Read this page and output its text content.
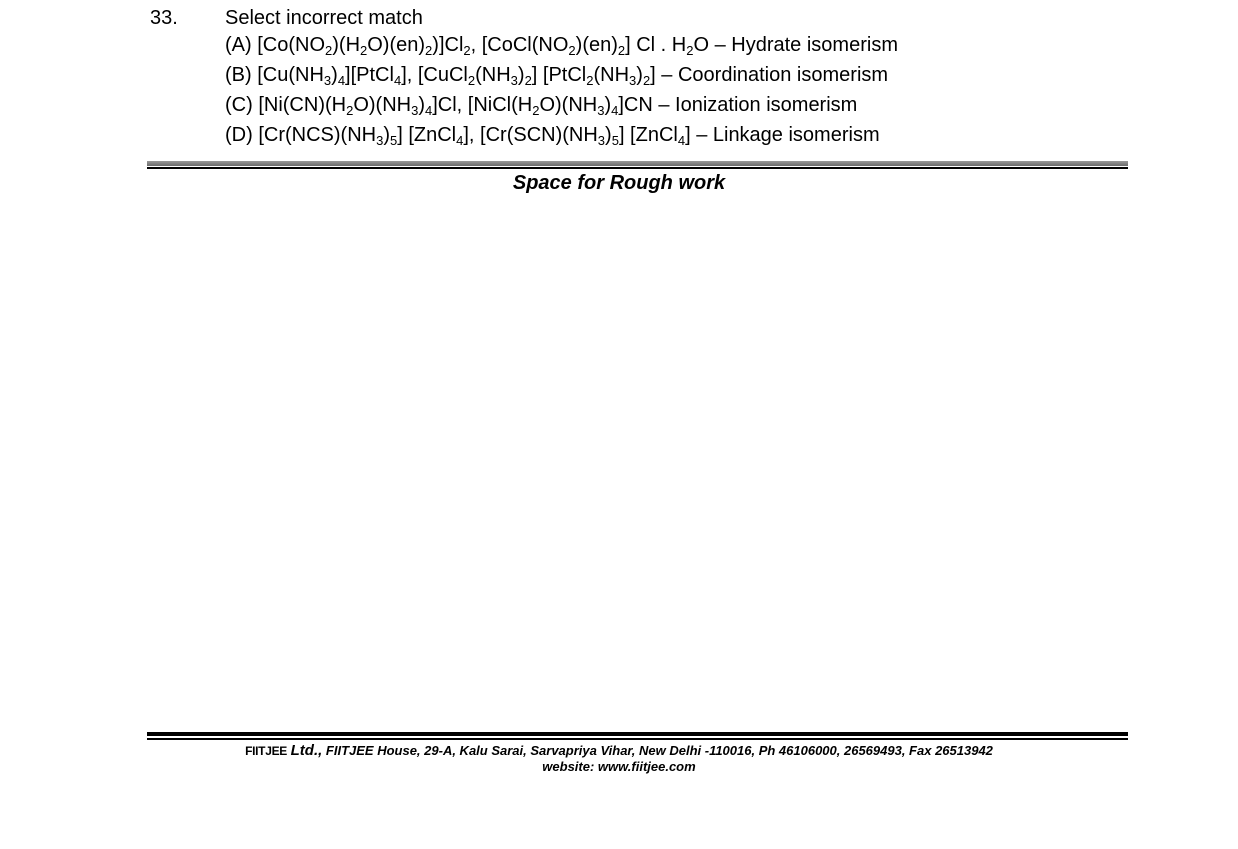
33. Select incorrect match
(A) $[Co(NO_2)(H_2O)(en)_2)]Cl_2$, $[CoCl(NO_2)(en)_2]$ Cl . $H_2O$ – Hydrate isomerism
(B) $[Cu(NH_3)_4][PtCl_4]$, $[CuCl_2(NH_3)_2]$ $[PtCl_2(NH_3)_2]$ – Coordination isomerism
(C) $[Ni(CN)(H_2O)(NH_3)_4]Cl$, $[NiCl(H_2O)(NH_3)_4]CN$ – Ionization isomerism
(D) $[Cr(NCS)(NH_3)_5]$ [ZnCl$_4$], $[Cr(SCN)(NH_3)_5]$ [ZnCl$_4$] – Linkage isomerism
Space for Rough work
FIITJEE Ltd., FIITJEE House, 29-A, Kalu Sarai, Sarvapriya Vihar, New Delhi -110016, Ph 46106000, 26569493, Fax 26513942
website: www.fiitjee.com
